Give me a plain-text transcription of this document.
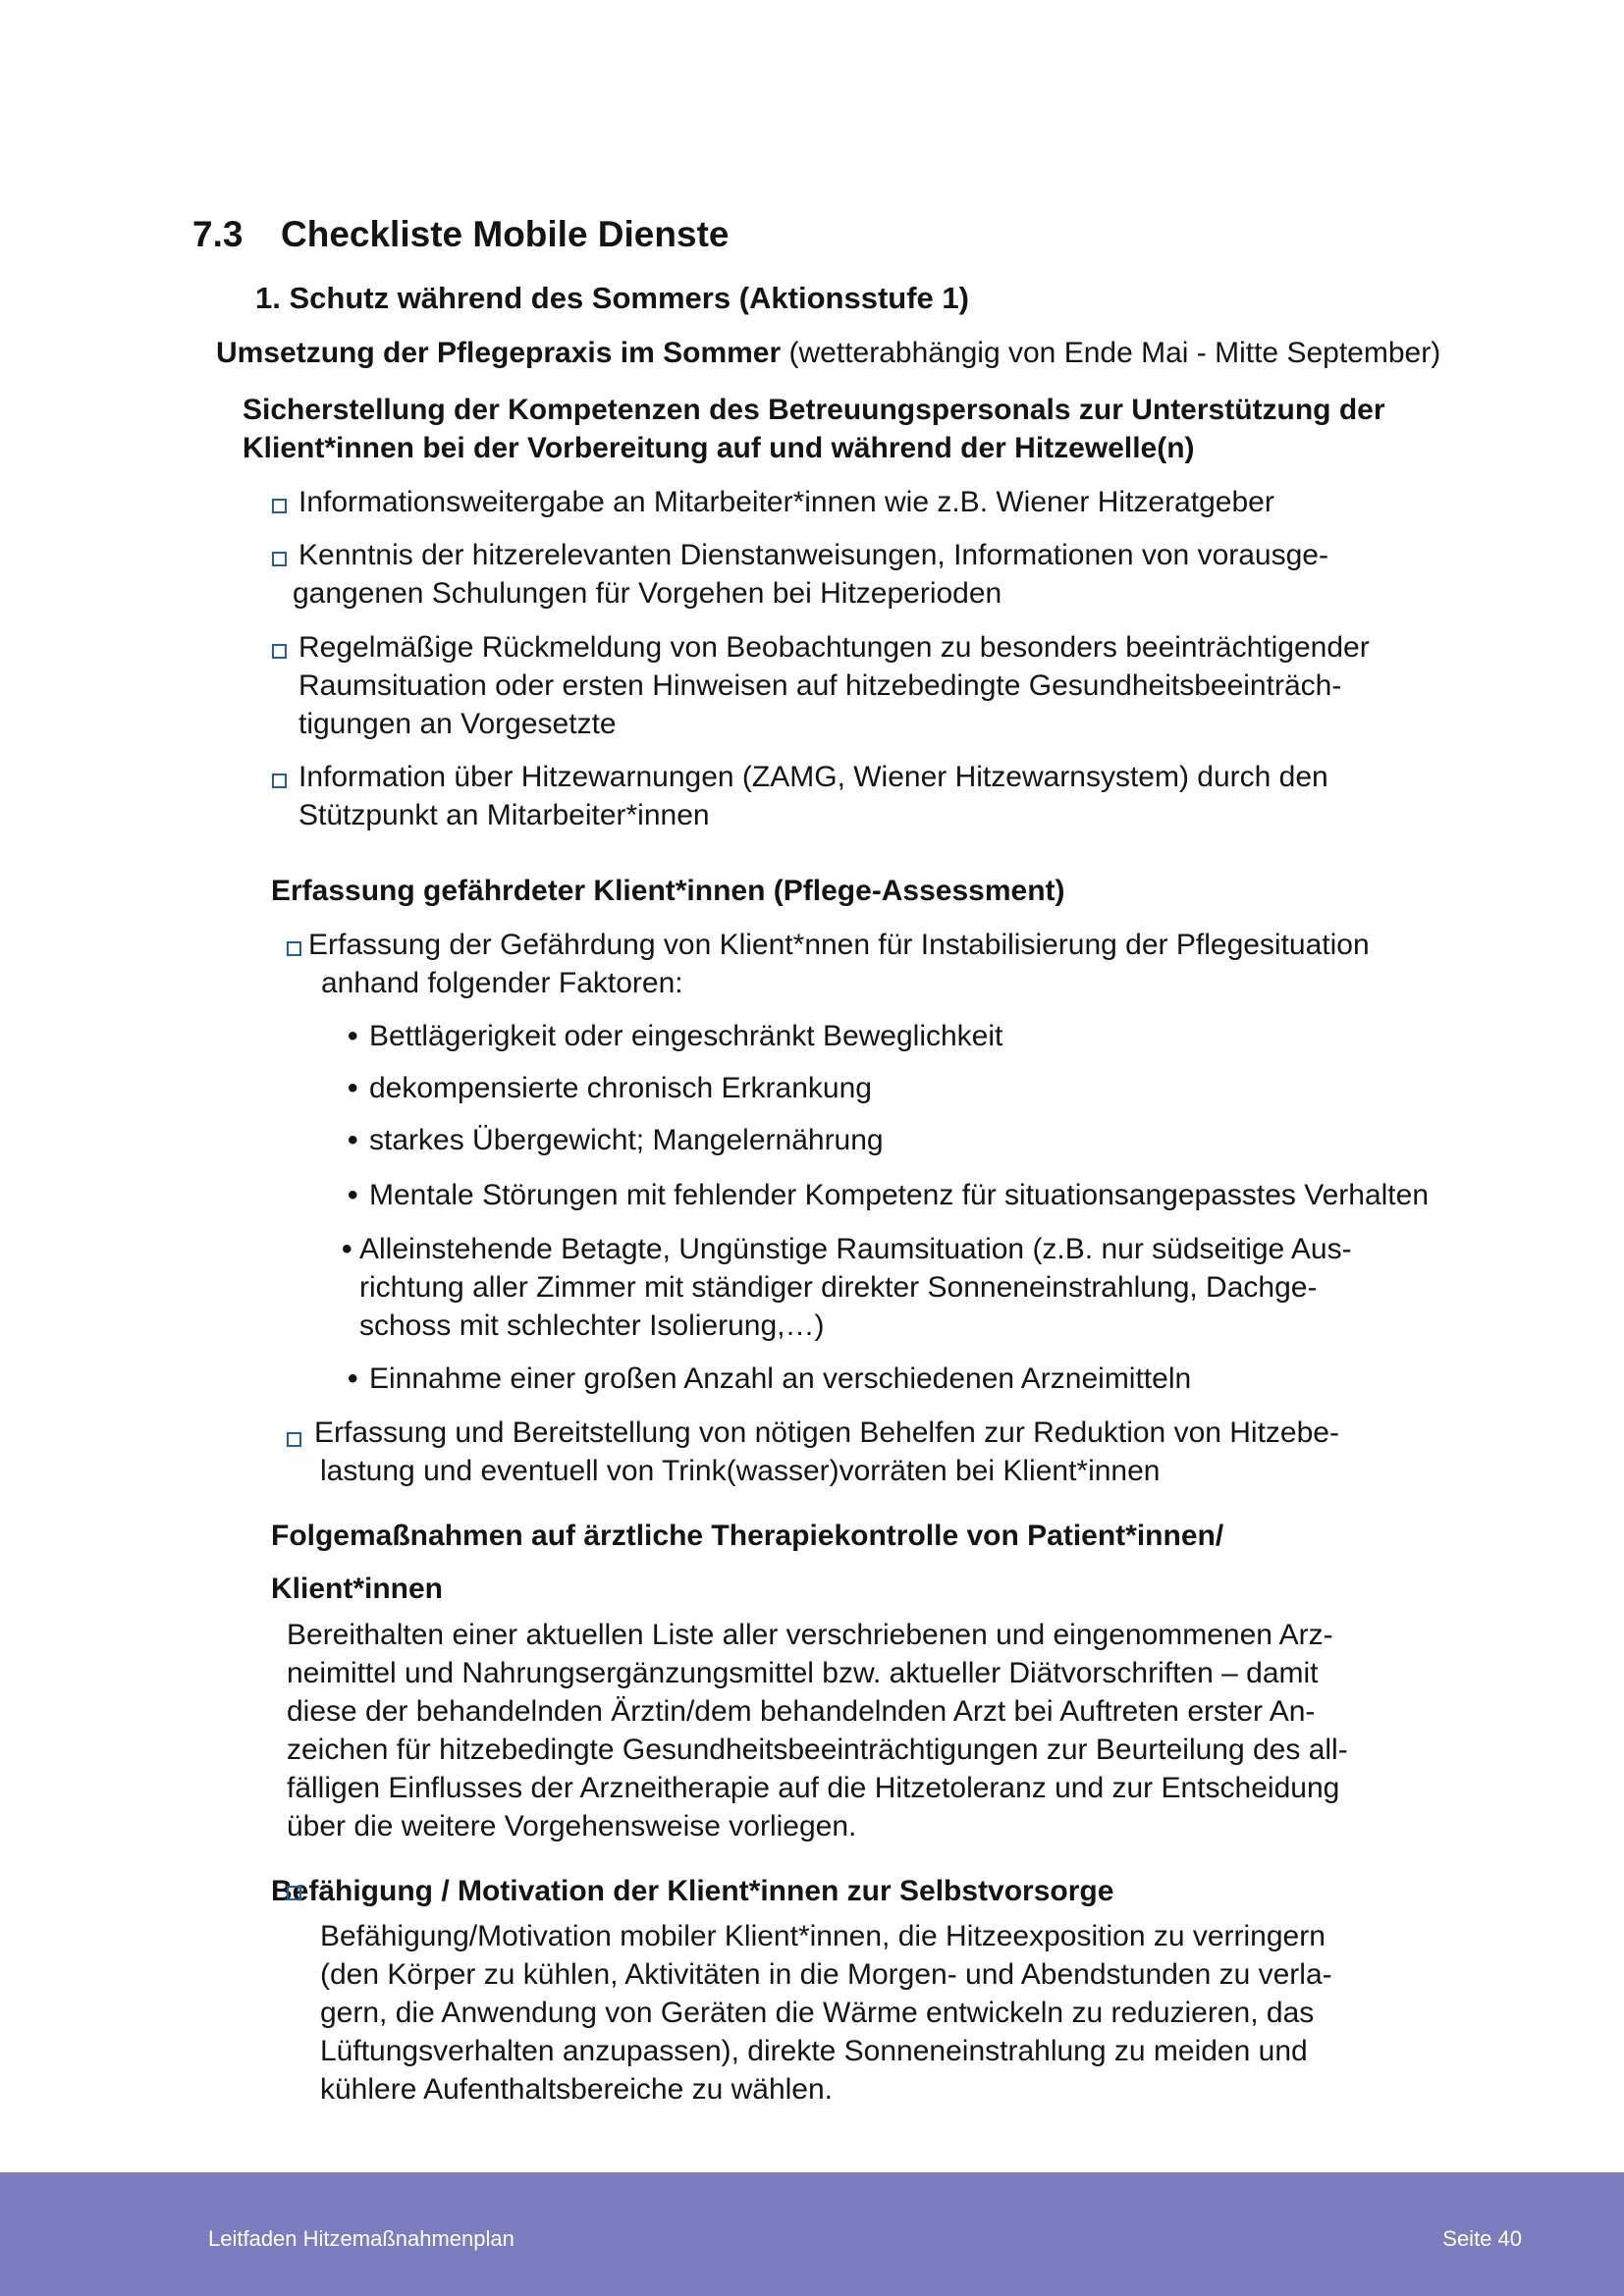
7.3 Checkliste Mobile Dienste
1. Schutz während des Sommers (Aktionsstufe 1)

Umsetzung der Pflegepraxis im Sommer (wetterabhängig von Ende Mai - Mitte September)

Sicherstellung der Kompetenzen des Betreuungspersonals zur Unterstützung der
Klient*innen bei der Vorbereitung auf und während der Hitzewelle(n)
Informationsweitergabe an Mitarbeiter*innen wie z.B. Wiener Hitzeratgeber
Kenntnis der hitzerelevanten Dienstanweisungen, Informationen von vorausge-
gangenen Schulungen für Vorgehen bei Hitzeperioden
Regelmäßige Rückmeldung von Beobachtungen zu besonders beeinträchtigender
Raumsituation oder ersten Hinweisen auf hitzebedingte Gesundheitsbeeinträch-
tigungen an Vorgesetzte
Information über Hitzewarnungen (ZAMG, Wiener Hitzewarnsystem) durch den
Stützpunkt an Mitarbeiter*innen
Erfassung gefährdeter Klient*innen (Pflege-Assessment)
Erfassung der Gefährdung von Klient*nnen für Instabilisierung der Pflegesituation
anhand folgender Faktoren:
• Bettlägerigkeit oder eingeschränkt Beweglichkeit
• dekompensierte chronisch Erkrankung
• starkes Übergewicht; Mangelernährung
• Mentale Störungen mit fehlender Kompetenz für situationsangepasstes Verhalten
• Alleinstehende Betagte, Ungünstige Raumsituation (z.B. nur südseitige Aus-
richtung aller Zimmer mit ständiger direkter Sonneneinstrahlung, Dachge-
schoss mit schlechter Isolierung,…)
• Einnahme einer großen Anzahl an verschiedenen Arzneimitteln
Erfassung und Bereitstellung von nötigen Behelfen zur Reduktion von Hitzebe-
lastung und eventuell von Trink(wasser)vorräten bei Klient*innen
Folgemaßnahmen auf ärztliche Therapiekontrolle von Patient*innen/
Klient*innen
Bereithalten einer aktuellen Liste aller verschriebenen und eingenommenen Arz-
neimittel und Nahrungsergänzungsmittel bzw. aktueller Diätvorschriften – damit
diese der behandelnden Ärztin/dem behandelnden Arzt bei Auftreten erster An-
zeichen für hitzebedingte Gesundheitsbeeinträchtigungen zur Beurteilung des all-
fälligen Einflusses der Arzneitherapie auf die Hitzetoleranz und zur Entscheidung
über die weitere Vorgehensweise vorliegen.
Befähigung / Motivation der Klient*innen zur Selbstvorsorge
Befähigung/Motivation mobiler Klient*innen, die Hitzeexposition zu verringern
(den Körper zu kühlen, Aktivitäten in die Morgen- und Abendstunden zu verla-
gern, die Anwendung von Geräten die Wärme entwickeln zu reduzieren, das
Lüftungsverhalten anzupassen), direkte Sonneneinstrahlung zu meiden und
kühlere Aufenthaltsbereiche zu wählen.
Leitfaden Hitzemaßnahmenplan	Seite 40
